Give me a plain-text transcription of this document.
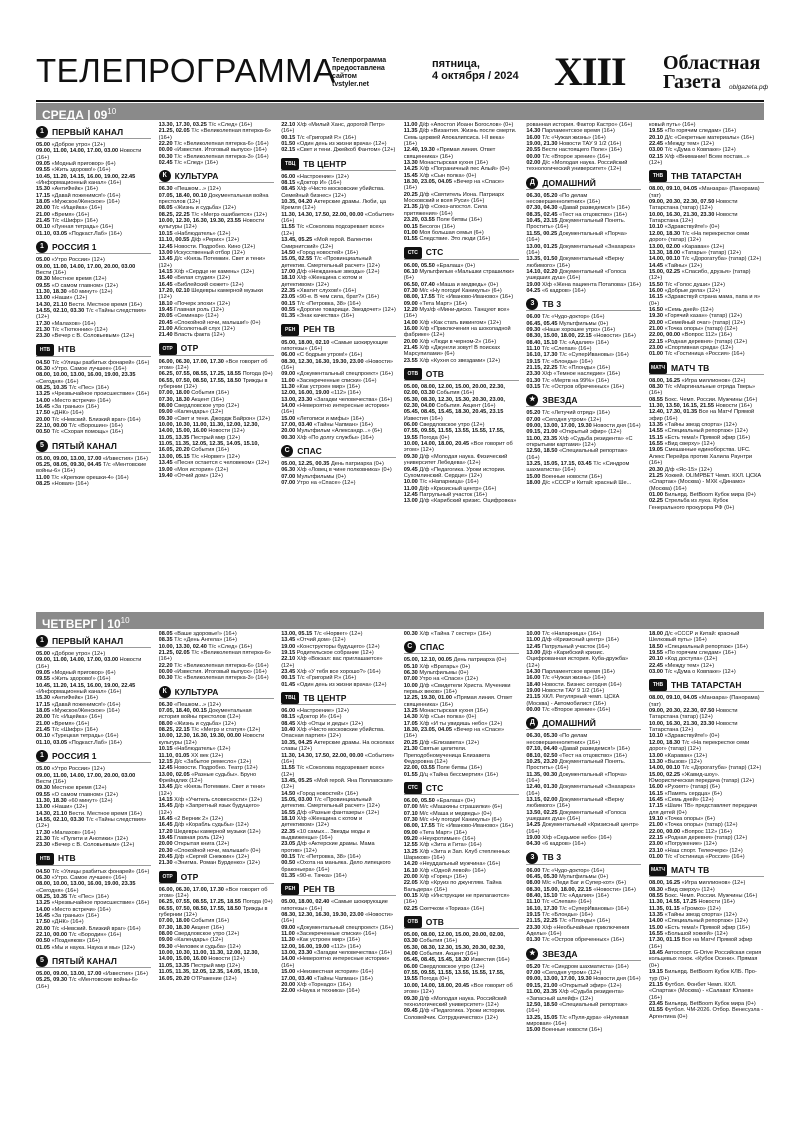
ТЕЛЕПРОГРАММА
Телепрограмма
предоставлена
сайтом
tvstyler.net
пятница,
4 октября / 2024 XIII Областная
Газета	oblgazeta.рф
СРЕДА | $09^{10}$
1 ПЕРВЫЙ КАНАЛ
05.00 «Доброе утро» (12+)
09.00, 11.00, 14.00, 17.00, 03.00 Новости (16+)
09.05 «Модный приговор» (6+)
09.55 «Жить здорово!» (16+)
10.45, 11.20, 14.15, 16.00, 19.00, 22.45 «Информационный канал» (16+)
15.30 «АнтиФейк» (16+)
17.15 «Давай поженимся!» (16+)
18.05 «Мужское/Женское» (16+)
20.00 Т/с «Ищейка» (16+)
21.00 «Время» (16+)
21.45 Т/с «Шифр» (16+)
00.10 «Лунная тетрадь» (16+)
01.10, 03.05 «Подкаст.Лаб» (16+)
1 РОССИЯ 1
05.00 «Утро России» (12+)
09.00, 11.00, 14.00, 17.00, 20.00, 03.00 Вести (16+)
09.30 Местное время (12+)
09.55 «О самом главном» (12+)
11.30, 18.30 «60 минут» (12+)
13.00 «Наши» (12+)
14.30, 21.10 Вести. Местное время (16+)
14.55, 02.10, 03.30 Т/с «Тайны следствия» (12+)
17.30 «Малахов» (16+)
21.30 Т/с «Тютюнник» (12+)
23.30 «Вечер с В. Соловьевым» (12+)
НТВ НТВ
04.50 Т/с «Улицы разбитых фонарей» (16+)
06.30 «Утро. Самое лучшее» (16+)
08.00, 10.00, 13.00, 16.00, 19.00, 23.35 «Сегодня» (16+)
08.25, 10.35 Т/с «Пес» (16+)
13.25 «Чрезвычайное происшествие» (16+)
14.00 «Место встречи» (16+)
16.45 «За гранью» (16+)
17.50 «ДНК» (16+)
20.00 Т/с «Невский. Близкий враг» (16+)
22.10, 00.00 Т/с «Ворошин» (16+)
00.50 Т/с «Схорая помощь» (16+)
5 ПЯТЫЙ КАНАЛ
05.00, 09.00, 13.00, 17.00 «Известия» (16+)
05.25, 08.05, 09.30, 04.45 Т/с «Ментовские войны-6» (16+)
11.00 Т/с «Крепкие орешки-4» (16+)
08.25 «Новая» (16+)
13.30, 17.30, 03.25 Т/с «След» (16+)
21.25, 02.05 Т/с «Великолепная пятерка-6» (16+)
22.20 Т/с «Великолепная пятерка-6» (16+)
00.00 «Известия. Итоговый выпуск» (16+)
00.30 Т/с «Великолепная пятерка-3» (16+)
02.45 Т/с «След» (16+)
К КУЛЬТУРА
06.30 «Пешком...» (12+)
07.05, 18.40, 00.10 Документальная война престолов (12+)
08.05 «Жизнь и судьба» (12+)
08.25, 22.25 Т/с «Мегрэ ошибается» (12+)
10.00, 12.30, 16.30, 19.30, 23.55 Новости культуры (12+)
10.15 «Наблюдатель» (12+)
11.10, 00.55 Д/ф «Рерих» (12+)
12.45 Новости. Подробно. Кино (12+)
13.00 Искусственный отбор (12+)
13.45 Д/с «Князь Потемкин. Свет и тени» (12+)
14.15 Х/ф «Сердце не камень» (12+)
15.40 «Белая студия» (12+)
16.45 «Библейский сюжет» (12+)
17.20, 02.10 Шедевры камерной музыки (12+)
18.10 «Почерк эпохи» (12+)
19.45 Главная роль (12+)
20.05 «Семинар» (12+)
20.45 «Спокойной ночи, малыши!» (0+)
21.00 Абсолютный слух (12+)
21.40 Власть факта (12+)
ОТР ОТР
06.00, 06.30, 17.00, 17.30 «Все говорит об этом» (12+)
06.25, 07.55, 08.55, 17.25, 18.55 Погода (0+)
06.55, 07.50, 08.50, 17.55, 18.50 Трижды в губернии (12+)
07.00, 18.00 События (16+)
07.30, 18.30 Акцент (16+)
08.00 Свердловское утро (12+)
09.00 «Календарь» (12+)
09.30 «Свет и тени. Джордж Байрон» (12+)
10.00, 10.30, 11.00, 11.30, 12.00, 12.30, 14.00, 15.00, 16.00 Новости (12+)
11.05, 13.35 Пестрый мир (12+)
11.05, 11.35, 12.05, 12.35, 14.05, 15.10, 16.05, 20.20 События (16+)
13.00, 05.15 Т/с «Норвег» (12+)
13.45 «Песня остается с человеком» (12+)
19.00 «Моя история» (12+)
19.40 «Отчий дом» (12+)
22.10 Х/ф «Милый Ханс, дорогой Петр» (16+)
00.15 Т/с «Григорий Р.» (16+)
01.50 «Один день из жизни врача» (12+)
02.15 «Свет и тени. Джейкоб Фантом» (12+)
ТВЦ ТВ ЦЕНТР
06.00 «Настроение» (12+)
08.15 «Доктор И» (16+)
08.45 Х/ф «Чисто московские убийства. Семейный бизнес» (12+)
10.35, 04.20 Актерские драмы. Люби, ца Кремля (12+)
11.30, 14.30, 17.50, 22.00, 00.00 «События» (16+)
11.55 Т/с «Соколова подозревает всех» (12+)
13.45, 05.25 «Мой герой. Валентин Смирнитский» (12+)
14.50 «Город новостей» (16+)
15.05, 02.55 Т/с «Провинциальный детектив. Смертельный расчет» (12+)
17.00 Д/ф «Нежданные звезды» (12+)
18.10 Х/ф «Женщина с котом и детективом» (12+)
22.35 «Хватит слухов!» (16+)
23.05 «90-е. В чем сила, брат?» (16+)
00.15 Т/с «Петровка, 38» (16+)
00.55 «Дорогие товарищи. Звездочет» (12+)
01.35 «Знак качества» (16+)
РЕН РЕН ТВ
05.00, 18.00, 02.10 «Самые шокирующие гипотезы» (16+)
06.00 «С бодрым утром!» (16+)
08.30, 12.30, 16.30, 19.30, 23.00 «Новости» (16+)
09.00 «Документальный спецпроект» (16+)
11.00 «Засекреченные списки» (16+)
11.30 «Как устроен мир» (16+)
12.00, 16.00, 19.00 «112» (16+)
13.00, 23.30 «Загадки человечества» (16+)
14.00 «Невероятно интересные истории» (16+)
15.00 «Летописи и мифы» (16+)
17.00, 03.40 «Тайны Чапман» (16+)
20.00 Мультфильм «Александр...» (6+)
00.30 Х/ф «По долгу службы» (16+)
С СПАС
05.00, 12.25, 00.35 День патриарха (0+)
06.30 Х/ф «Ловец в чине полковника» (0+)
07.00 Мультфильмы (0+)
07.00 Утро на «Спасе» (12+)
11.00 Д/ф «Апостол Иоанн Богослов» (0+)
11.35 Д/ф «Византия. Жизнь после смерти. Семь церквей Апокалипсиса. I-II века» (16+)
12.40, 19.30 «Прямая линия. Ответ священника» (16+)
13.30 Монастырская кухня (16+)
14.25 Х/ф «Пограничный пес Алый» (0+)
15.45 Х/ф «Сын полка» (0+)
18.30, 23.05, 04.05 «Вечер на «Спасе» (16+)
20.25 Д/ф «Святитель Иона. Патриарх Московский и всея Руси» (16+)
21.35 Д/ф «Союз-апостол. Сила притяжения» (16+)
23.20, 03.55 Поле битвы (16+)
00.15 Бесогон (16+)
01.00 Моя большая семья (6+)
01.55 Следствие. Это люди (16+)
СТС СТС
06.00, 05.50 «Ералаш» (0+)
06.10 Мультфильм «Мальшки страшилки» (6+)
06.50, 07.40 «Маша и медведь» (0+)
07.30 М/с «Ну погоди! Каникулы» (6+)
08.00, 17.55 Т/с «Иваново-Иваново» (16+)
09.00 «Тета Март» (16+)
12.20 Муз/ф «Мини-диско. Танцуют все» (16+)
14.00 Х/ф «Как стать викингом» (12+)
16.00 Х/ф «Приключения на шоколадной фабрике» (12+)
20.00 Х/ф «Люди в черном-2» (16+)
21.45 Х/ф «Джунгли зовут! В поисках Марсупилами» (6+)
23.55 Х/ф «Кухня со звездами» (12+)
ОТВ ОТВ
05.00, 08.00, 12.00, 15.00, 20.00, 22.30, 02.00, 03.30 События (16+)
05.30, 08.30, 12.30, 15.30, 20.30, 23.00, 02.30, 04.00 События. Акцент (16+)
05.45, 08.45, 15.45, 18.30, 20.45, 23.15 Известия (16+)
06.00 Свердловское утро (12+)
07.55, 09.55, 11.55, 13.55, 15.55, 17.55, 19.55 Погода (0+)
10.00, 14.00, 18.00, 20.45 «Все говорит об этом» (12+)
09.30 Д/ф «Молодая наука. Физический университет Лебедева» (12+)
09.45 Д/ф «Педагогика. Уроки истории. Сухомлинский. Сердце» (12+)
10.00 Т/с «Напарница» (16+)
11.00 Д/ф «Кризисный центр» (16+)
12.45 Патрульный участок (16+)
13.00 Д/ф «Карибский кризис. Оцифровка»
рованная история. Фактор Кастро» (16+)
14.30 Парламентское время (16+)
16.00 Т/с «Чужая жизнь» (16+)
19.00, 21.30 Новости ТАУ 9 1/2 (16+)
20.55 Вести настоящего Поле» (16+)
00.00 Т/с «Второе зрение» (16+)
02.00 Д/с «Молодая наука. Российский технологический университет» (12+)
Д ДОМАШНИЙ
06.30, 05.20 «По делам несовершеннолетних» (16+)
07.30, 04.30 «Давай разведемся!» (16+)
08.35, 02.45 «Тест на отцовство» (16+)
10.45, 23.15 Документальный Понять. Простить» (16+)
11.55, 00.25 Документальный «Порча» (16+)
13.00, 01.25 Документальный «Знахарка» (16+)
13.35, 01.50 Документальный «Верну любимого» (16+)
14.10, 02.20 Документальный «Голоса ушедших душ» (16+)
19.00 Х/ф «Жена пациента Потапова» (16+)
04.25 «6 кадров» (16+)
3 ТВ 3
06.00 Т/с «Чудо-доктор» (16+)
06.45, 05.45 Мультфильмы (0+)
09.30 «Наше хорошее утро» (16+)
08.30, 15.00, 18.00, 22.15 «Новости» (16+)
08.40, 15.10 Т/с «Адалия» (16+)
11.10 Т/с «Слепая» (16+)
16.10, 17.30 Т/с «СуперИвановы» (16+)
19.15 Т/с «Блонды» (16+)
21.15, 22.25 Т/с «Плонды» (16+)
23.30 Х/ф «Темное наследие» (16+)
01.30 Т/с «Мертв на 99%» (16+)
03.15 Т/с «Остров обреченных» (16+)
★ ЗВЕЗДА
05.20 Т/с «Летучий отряд» (16+)
07.00 «Сегодня утром» (12+)
09.00, 13.00, 17.00, 19.30 Новости дня (16+)
09.15, 21.00 «Открытый эфир» (12+)
11.00, 23.35 Х/ф «Судьба резидента» «С открытыми картами» (12+)
12.50, 18.50 «Специальный репортаж» (16+)
13.25, 15.05, 17.15, 03.45 Т/с «Синдром шахматиста» (16+)
15.00 Военные новости (16+)
18.00 Д/с «СССР и Китай: красный Ше...
ковый путь» (16+)
19.55 «По горячим следам» (16+)
20.10 Д/с «Секретные материалы» (16+)
22.45 «Между тем» (12+)
03.00 Т/с «Дума о Ковпаке» (12+)
02.15 Х/ф «Внимание! Всем постам...» (12+)
ТНВ ТНВ ТАТАРСТАН
08.00, 09.10, 04.05 «Манзара» (Панорама) (тат)
09.00, 20.30, 22.30, 07.50 Новости Татарстана (татар) (12+)
10.00, 16.30, 21.30, 23.30 Новости Татарстана (12+)
10.10 «Здравствуйте!» (0+)
12.00, 18.30 Т/с «На перекрестке семи дорог» (татар) (12+)
13.00, 02.00 «Караван» (12+)
13.30, 18.00 «Татары» (татар) (12+)
14.00, 00.10 Т/с «Дорогатуба» (татар) (12+)
14.45 «Тайны» (12+)
15.00, 02.25 «Спасибо, друзья» (татар) (12+)
15.50 Т/с «Голос души» (12+)
16.00 «Добрые дела» (12+)
16.15 «Здравствуй страна мама, папа и я» (0+)
16.50 «Семь дней» (12+)
19.30 «Горячий казан» (татар) (12+)
20.00 «Семейный очаг» (татар) (12+)
21.00 «Точка опоры» (татар) (12+)
22.00, 00.00 «Вопрос 112» (16+)
22.15 «Родная деревня» (татар) (12+)
23.00 «Спортивная среда» (12+)
01.00 Т/с «Гостиница «Россия» (16+)
МАТЧ МАТЧ ТВ
08.00, 16.25 «Игра миллионов» (12+)
08.30 Т/с «Маргинальные отряда Тверь» (16+)
08.55 Бокс. Чемп. России. Мужчины (16+)
11.30, 13.50, 16.15, 21.55 Новости (16+)
12.40, 17.30, 01.35 Все на Матч! Прямой эфир (16+)
13.35 «Тайны звезд спорта» (12+)
14.55 «Специальный репортаж» (12+)
15.15 «Есть тема!» Прямой эфир (16+)
16.55 «Вид сверху» (12+)
19.05 Смешанные единоборства. UFC. Алекс Перейра против Халила Раунтри (16+)
20.30 Д/ф «Яс-15» (12+)
21.25 Хоккей. OLIMPBET Чемп. КХЛ. ЦСКА «Спартак» (Москва) - МХК «Динамо» (Москва) (16+)
01.00 Бильярд. BetBoom Кубок мира (0+)
02.25 Стрельба из лука. Кубок Генерального прокурора РФ (0+)
ЧЕТВЕРГ | $10^{10}$
1 ПЕРВЫЙ КАНАЛ
05.00 «Доброе утро» (12+)
09.00, 11.00, 14.00, 17.00, 03.00 Новости (16+)
09.05 «Модный приговор» (6+)
09.55 «Жить здорово!» (16+)
10.45, 11.20, 14.15, 16.00, 19.00, 22.45 «Информационный канал» (16+)
15.30 «АнтиФейк» (16+)
17.15 «Давай поженимся!» (16+)
18.05 «Мужское/Женское» (16+)
20.00 Т/с «Ищейка» (16+)
21.00 «Время» (16+)
21.45 Т/с «Шифр» (16+)
00.10 «Турецкая тетрадь» (16+)
01.10, 03.05 «Подкаст.Лаб» (16+)
1 РОССИЯ 1
05.00 «Утро России» (12+)
09.00, 11.00, 14.00, 17.00, 20.00, 03.00 Вести (16+)
09.30 Местное время (12+)
09.55 «О самом главном» (12+)
11.30, 18.30 «60 минут» (12+)
13.00 «Наши» (12+)
14.30, 21.10 Вести. Местное время (16+)
14.55, 02.10, 03.30 Т/с «Тайны следствия» (12+)
17.30 «Малахов» (16+)
21.30 Т/с «Пулити и Анотики» (12+)
23.30 «Вечер с В. Соловьевым» (12+)
НТВ НТВ
04.50 Т/с «Улицы разбитых фонарей» (16+)
06.30 «Утро. Самое лучшее» (16+)
08.00, 10.00, 13.00, 16.00, 19.00, 23.35 «Сегодня» (16+)
08.25, 10.35 Т/с «Пес» (16+)
13.25 «Чрезвычайное происшествие» (16+)
14.00 «Место встречи» (16+)
16.45 «За гранью» (16+)
17.50 «ДНК» (16+)
20.00 Т/с «Невский. Близкий враг» (16+)
22.10, 00.00 Т/с «Бородин» (16+)
00.50 «Поздняков» (16+)
01.05 «Мы и наука. Наука и мы» (12+)
5 ПЯТЫЙ КАНАЛ
05.00, 09.00, 13.00, 17.00 «Известия» (16+)
05.25, 09.30 Т/с «Ментовские войны-6» (16+)
08.05 «Ваше здоровье!» (16+)
08.35 Т/с «День Ангела» (16+)
10.00, 13.30, 02.40 Т/с «След» (16+)
21.25, 02.05 Т/с «Великолепная пятерка-6» (16+)
22.20 Т/с «Великолепная пятерка-6» (16+)
00.00 «Известия. Итоговый выпуск» (16+)
00.30 Т/с «Великолепная пятерка-3» (16+)
К КУЛЬТУРА
06.30 «Пешком...» (12+)
07.05, 18.40, 00.15 Документальная история войны престолов (12+)
08.00 «Жизнь и судьба» (12+)
08.25, 22.15 Т/с «Мегрэ и статуя» (12+)
10.00, 12.30, 16.30, 19.30, 00.00 Новости культуры (12+)
10.15 «Наблюдатель» (12+)
11.10, 01.05 ХХ век (12+)
12.15 Д/с «Забытое ремесло» (12+)
12.45 Новости. Подробно. Театр (12+)
13.00, 02.05 «Разные судьбы». Бруно Фрейндлих (12+)
13.45 Д/с «Князь Потемкин. Свет и тени» (12+)
14.15 Х/ф «Учитель словесности» (12+)
15.45 Д/ф «Запретный язык будущего» (12+)
16.45 «2 Верник 2» (12+)
16.45 Д/ф «Корабль судьбы» (12+)
17.20 Шедевры камерной музыки (12+)
19.45 Главная роль (12+)
20.00 Открытая книга (12+)
20.30 «Спокойной ночи, малыши!» (0+)
20.45 Д/ф «Сергей Снежкин» (12+)
21.30 «Энигма. Роман Бурденко» (12+)
ОТР ОТР
06.00, 06.30, 17.00, 17.30 «Все говорит об этом» (12+)
06.25, 07.55, 08.55, 17.25, 18.55 Погода (0+)
06.55, 07.50, 08.50, 17.55, 18.50 Трижды в губернии (12+)
07.00, 18.00 События (16+)
07.30, 18.30 Акцент (16+)
08.00 Свердловское утро (12+)
09.00 «Календарь» (12+)
09.30 «Человек и судьба» (12+)
10.00, 10.30, 11.00, 11.30, 12.00, 12.30, 14.00, 15.00, 16.00 Новости (12+)
11.05, 13.35 Пестрый мир (12+)
11.05, 11.35, 12.05, 12.35, 14.05, 15.10, 16.05, 20.20 ОТРажение (12+)
13.00, 05.15 Т/с «Норвег» (12+)
13.45 «Отчий дом» (12+)
19.00 «Конструкторы будущего» (12+)
19.15 Родительское собрание (12+)
22.10 Х/ф «Вокзал: вас приглашаетсе» (12+)
23.45 Х/ф «У тебя все хорошо?» (16+)
00.15 Т/с «Григорий Р.» (16+)
01.45 «Один день из жизни врача» (12+)
ТВЦ ТВ ЦЕНТР
06.00 «Настроение» (12+)
08.15 «Доктор И» (16+)
08.45 Х/ф «Отцы и деды» (12+)
10.40 Х/ф «Чисто московские убийства. Опасная партия» (12+)
10.35, 04.25 Актерские драмы. На осколках славы (12+)
11.30, 14.30, 17.50, 22.00, 00.00 «События» (16+)
11.55 Т/с «Соколова подозревает всех» (12+)
13.45, 05.25 «Мой герой. Яна Поплавская» (12+)
14.50 «Город новостей» (16+)
15.05, 03.00 Т/с «Провинциальный детектив. Смертельный расчет» (12+)
16.55 Д/ф «Разные фантазеры» (12+)
18.10 Х/ф «Женщина с котом и детективом» (12+)
22.35 «10 самых... Звезды моды и выдвиженцы» (16+)
23.05 Д/ф «Актерские драмы. Мама против» (12+)
00.15 Т/с «Петровка, 38» (16+)
00.50 «Охота на маньяка. Дело липецкого браконьера» (16+)
01.35 «90-е. Тачка» (16+)
РЕН РЕН ТВ
05.00, 18.00, 02.40 «Самые шокирующие гипотезы» (16+)
08.30, 12.30, 16.30, 19.30, 23.00 «Новости» (16+)
09.00 «Документальный спецпроект» (16+)
11.00 «Засекреченные списки» (16+)
11.30 «Как устроен мир» (16+)
12.00, 16.00, 19.00 «112» (16+)
13.00, 23.30 «Загадки человечества» (16+)
14.00 «Невероятно интересные истории» (16+)
15.00 «Неизвестная история» (16+)
17.00, 03.40 «Тайны Чапман» (16+)
20.00 Х/ф «Торнадо» (16+)
22.00 «Наука и техника» (16+)
00.30 Х/ф «Тайна 7 сестер» (16+)
С СПАС
05.00, 12.10, 00.05 День патриарха (0+)
05.10 Х/ф «Вратарь» (0+)
06.30 Мультфильмы (0+)
07.00 Утро на «Спасе» (12+)
10.00 Д/ф «Свидетели Христа. Мученики первых веков» (16+)
12.25, 19.30, 01.00 «Прямая линия. Ответ священника» (16+)
13.25 Монастырская кухня (16+)
14.30 Х/ф «Сын полка» (0+)
17.05 Х/ф «И ты увидишь небо» (12+)
18.30, 23.05, 04.05 «Вечер на «Спасе» (16+)
20.25 Д/ф «Елизавета» (12+)
21.30 Святые целители. Преподобномученица Елизавета Федоровна (12+)
22.00, 03.55 Поле битвы (16+)
01.55 Д/ц «Тайна бессмертия» (16+)
СТС СТС
06.00, 05.50 «Ералаш» (0+)
07.00 М/с «Машкины страшилки» (6+)
07.10 М/с «Маша и медведь» (0+)
07.30 М/с «Ну погоди! Каникулы» (6+)
08.00, 17.55 Т/с «Иваново-Иваново» (16+)
09.00 «Тета Март» (16+)
09.20 «Неукротимые» (16+)
12.55 Х/ф «Зита и Гита» (16+)
13.25 Х/ф «Зита и Зап. Клуб степленных Шариков» (16+)
14.20 «Неуддальный мужчина» (16+)
16.10 Х/ф «Одной левой» (16+)
20.00 Х/ф «Горец» (16+)
22.05 Х/ф «Круиз по джунглям. Тайна Вальдера» (16+)
00.15 Х/ф «Инструкции не прилагаются» (16+)
02.25 Скетчком «Ториза» (16+)
ОТВ ОТВ
05.00, 08.00, 12.00, 15.00, 20.00, 02.00, 03.30 События (16+)
05.30, 08.30, 12.30, 15.30, 20.30, 02.30, 04.00 События. Акцент (16+)
05.45, 08.45, 15.45, 18.30 Известия (16+)
06.00 Свердловское утро (12+)
07.55, 09.55, 11.55, 13.55, 15.55, 17.55, 19.55 Погода (0+)
10.00, 14.00, 18.00, 20.45 «Все говорит об этом» (12+)
09.30 Д/ф «Молодая наука. Российский технологический университет» (12+)
09.45 Д/ф «Педагогика. Уроки истории. Соловейчик. Сотрудничество» (12+)
10.00 Т/с «Напарница» (16+)
11.00 Д/ф «Кризисный центр» (16+)
12.45 Патрульный участок (16+)
13.00 Д/ф «Карибский кризис. Оцифрованная история. Куба-дружба» (12+)
14.30 Парламентское время (16+)
16.00 Т/с «Чужая жизнь» (16+)
18.40 Новости. Бизнес сегодня (16+)
19.00 Новости ТАУ 9 1/2 (16+)
21.15 ХКЛ. Регулярный чемп. ЦСКА (Москва) - Автомобилист (16+)
00.00 Т/с «Второе зрение» (16+)
Д ДОМАШНИЙ
06.30, 05.30 «По делам несовершеннолетних» (16+)
07.10, 04.40 «Давай разведемся!» (16+)
08.10, 02.50 «Тест на отцовство» (16+)
10.25, 23.20 Документальный Понять. Простить» (16+)
11.35, 00.30 Документальный «Порча» (16+)
12.40, 01.30 Документальный «Знахарка» (16+)
13.15, 02.00 Документальный «Верну любимого» (16+)
13.50, 02.25 Документальный «Голоса ушедших душ» (16+)
14.25 Документальный «Кризисный центр» (16+)
19.00 Х/ф «Седьмое небо» (16+)
04.30 «6 кадров» (16+)
3 ТВ 3
06.00 Т/с «Чудо-доктор» (16+)
06.45, 05.30 Мультфильмы (0+)
08.00 М/с «Леди Баг и Супер-кот» (6+)
08.30, 15.00, 18.00, 22.15 «Новости» (16+)
08.40, 15.10 Т/с «Адалия» (16+)
11.10 Т/с «Слепая» (16+)
16.10, 17.30 Т/с «СуперИвановы» (16+)
19.15 Т/с «Блонды» (16+)
21.15, 22.25 Т/с «Плонды» (16+)
23.30 Х/ф «Необычайные приключения Аделы» (16+)
01.30 Т/с «Остров обреченных» (16+)
★ ЗВЕЗДА
05.20 Т/с «Синдром шахматиста» (16+)
07.00 «Сегодня утром» (12+)
09.00, 13.00, 17.00, 19.30 Новости дня (16+)
09.15, 21.00 «Открытый эфир» (12+)
11.00, 23.35 Х/ф «Судьба резидента» «Запасный шлейф» (12+)
12.50, 18.50 «Специальный репортаж» (16+)
13.25, 15.05 Т/с «Пуля-дура» «Нулевая мировая» (16+)
15.00 Военные новости (16+)
18.00 Д/с «СССР и Китай: красный Шелковый путь» (16+)
18.50 «Специальный репортаж» (16+)
19.55 «По горячим следам» (16+)
20.10 «Код доступа» (12+)
22.45 «Между тем» (12+)
03.00 Т/с «Дума о Ковпаке» (12+)
ТНВ ТНВ ТАТАРСТАН
08.00, 09.10, 04.05 «Манзара» (Панорама) (тат)
09.00, 20.30, 22.30, 07.50 Новости Татарстана (татар) (12+)
10.00, 16.30, 21.30, 23.30 Новости Татарстана (12+)
10.10 «Здравствуйте!» (0+)
12.00, 18.30 Т/с «На перекрестке семи дорог» (татар) (12+)
13.00 «Караван» (12+)
13.30 «Вызов» (12+)
14.00, 00.10 Т/с «Дорогатуба» (татар) (12+)
15.00, 02.25 «Жавид-шоу». Юмористическая передача (татар) (12+)
16.00 «Рухият» (татар) (6+)
16.15 «Память сердца» (6+)
16.45 «Семь дней» (12+)
17.15 «Шаян ТВ» представляет передачи для детей (0+)
19.10 «Точка опоры» (6+)
21.00 «Точка опоры» (татар) (12+)
22.00, 00.00 «Вопрос 112» (16+)
22.15 «Родная деревня» (татар) (12+)
23.00 «Погружение» (12+)
23.10 «Наш спорт. Телеочерк» (12+)
01.00 Т/с «Гостиница «Россия» (16+)
МАТЧ МАТЧ ТВ
08.00, 16.25 «Игра миллионов» (12+)
08.30 «Вид сверху» (12+)
08.55 Бокс. Чемп. России. Мужчины (16+)
11.30, 14.55, 17.25 Новости (16+)
11.35, 01.15 «Громко» (12+)
13.35 «Тайны звезд спорта» (12+)
14.00 «Специальный репортаж» (12+)
15.00 «Есть тема!» Прямой эфир (16+)
16.55 «Большой хоккей» (12+)
17.30, 01.15 Все на Матч! Прямой эфир (16+)
18.45 Автоспорт. G-Drive Российская серия кольцевых гонок. «Кубок Осени». Прямая (0+)
19.15 Бильярд. BetBoom Кубок КЛБ. Про-тур (0+)
21.15 Футбол. Фонбет Чемп. КХЛ. «Спартак» (Москва) - «Салават Юлаев» (16+)
23.45 Бильярд. BetBoom Кубок мира (0+)
01.55 Футбол. ЧМ-2026. Отбор. Венесуэла - Аргентина (0+)
